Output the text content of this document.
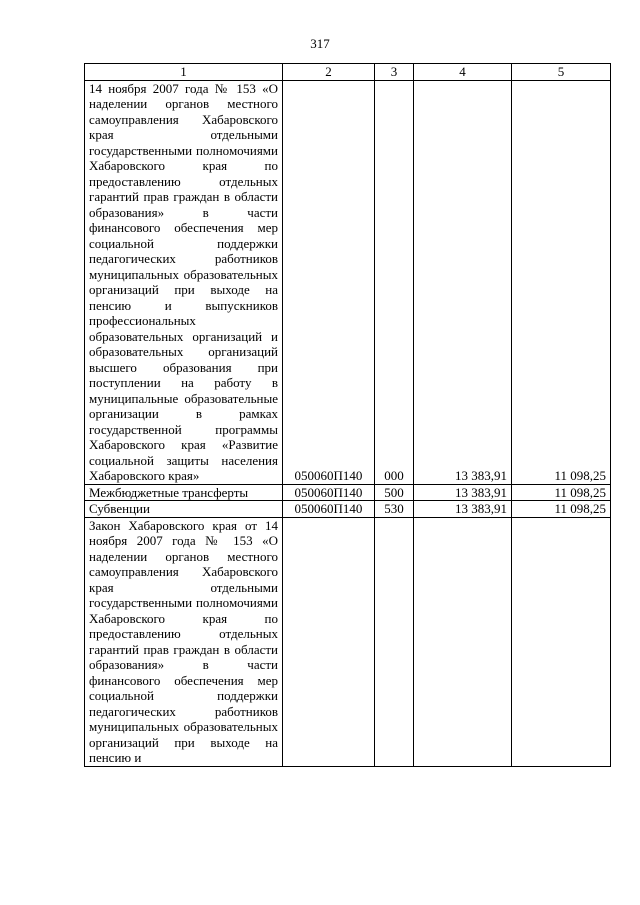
317
1	2	3	4	5
14 ноября 2007 года № 153 «О наделении органов местного самоуправления Хабаровского края отдельными государственными полномочиями Хабаровского края по предоставлению отдельных гарантий прав граждан в области образования» в части финансового обеспечения мер социальной поддержки педагогических работников муниципальных образовательных организаций при выходе на пенсию и выпускников профессиональных образовательных организаций и образовательных организаций высшего образования при поступлении на работу в муниципальные образовательные организации в рамках государственной программы Хабаровского края «Развитие социальной защиты населения Хабаровского края»	050060П140	000	13 383,91	11 098,25
Межбюджетные трансферты	050060П140	500	13 383,91	11 098,25
Субвенции	050060П140	530	13 383,91	11 098,25
Закон Хабаровского края от 14 ноября 2007 года № 153 «О наделении органов местного самоуправления Хабаровского края отдельными государственными полномочиями Хабаровского края по предоставлению отдельных гарантий прав граждан в области образования» в части финансового обеспечения мер социальной поддержки педагогических работников муниципальных образовательных организаций при выходе на пенсию и				
